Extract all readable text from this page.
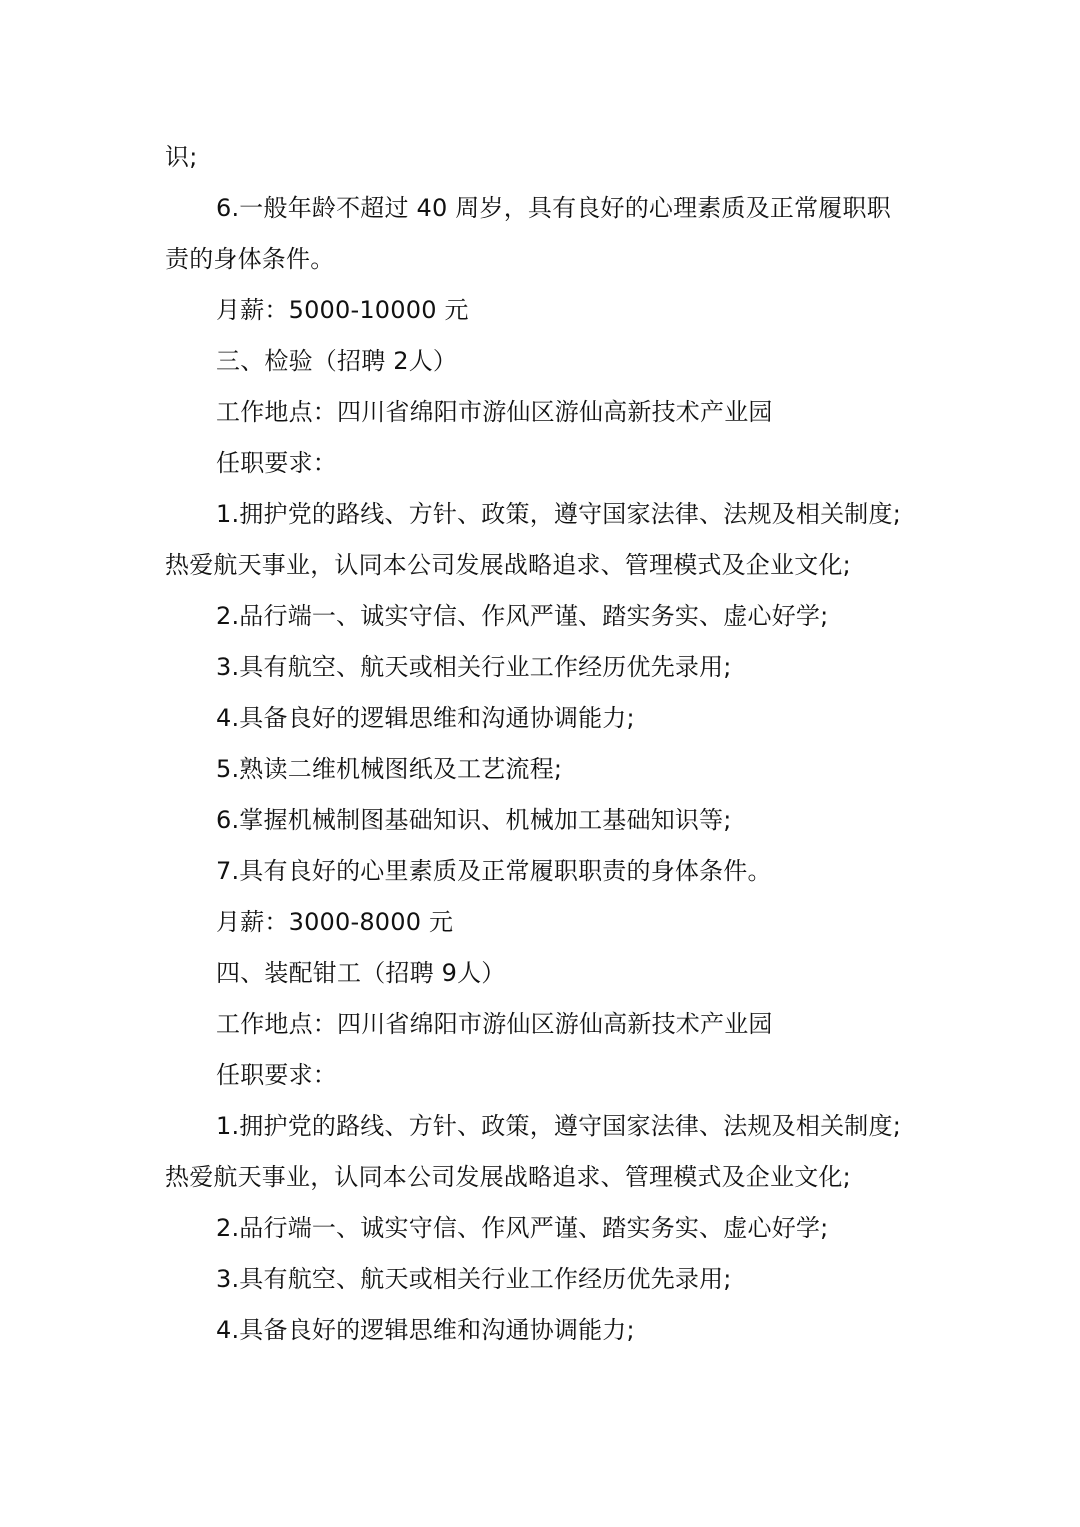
识;
6.一般年龄不超过 40 周岁，具有良好的心理素质及正常履职职
责的身体条件。
月薪：5000-10000 元
三、检验（招聘 2人）
工作地点：四川省绵阳市游仙区游仙高新技术产业园
任职要求：
1.拥护党的路线、方针、政策，遵守国家法律、法规及相关制度;
热爱航天事业，认同本公司发展战略追求、管理模式及企业文化;
2.品行端一、诚实守信、作风严谨、踏实务实、虚心好学;
3.具有航空、航天或相关行业工作经历优先录用;
4.具备良好的逻辑思维和沟通协调能力;
5.熟读二维机械图纸及工艺流程;
6.掌握机械制图基础知识、机械加工基础知识等;
7.具有良好的心里素质及正常履职职责的身体条件。
月薪：3000-8000 元
四、装配钳工（招聘 9人）
工作地点：四川省绵阳市游仙区游仙高新技术产业园
任职要求：
1.拥护党的路线、方针、政策，遵守国家法律、法规及相关制度;
热爱航天事业，认同本公司发展战略追求、管理模式及企业文化;
2.品行端一、诚实守信、作风严谨、踏实务实、虚心好学;
3.具有航空、航天或相关行业工作经历优先录用;
4.具备良好的逻辑思维和沟通协调能力;
